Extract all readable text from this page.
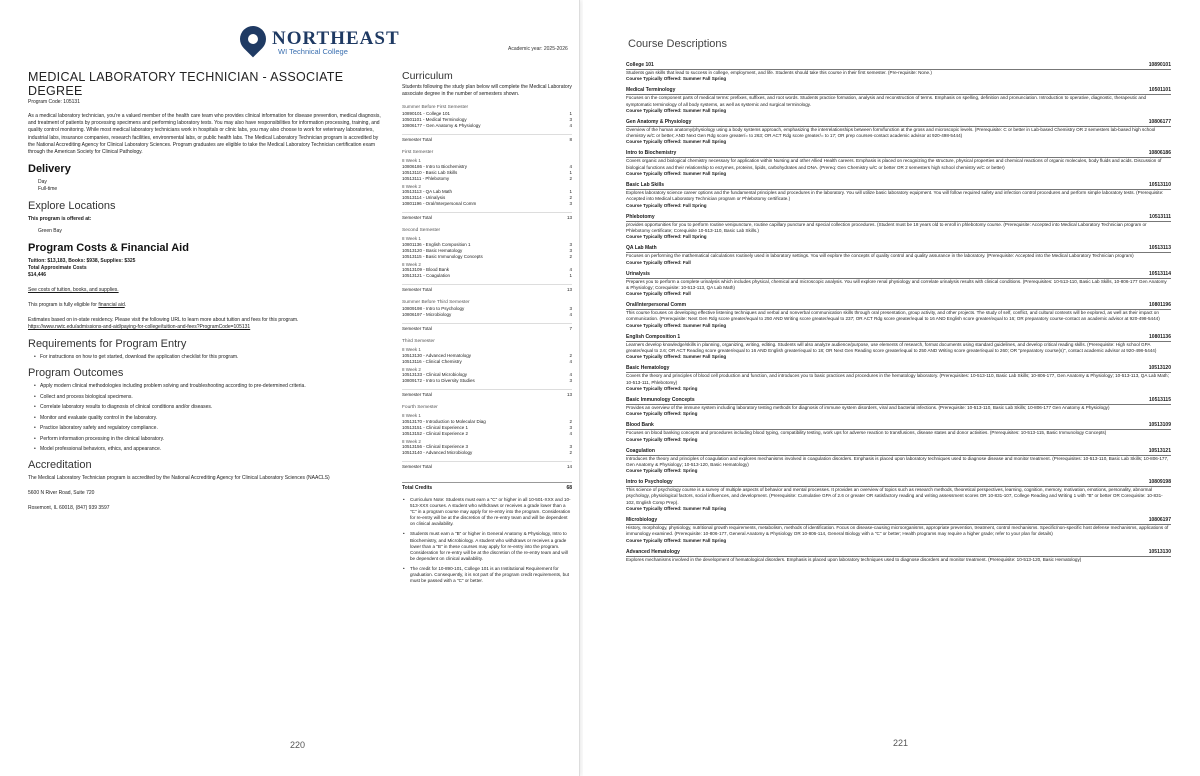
NORTHEAST
WI Technical College	Academic year: 2025-2026
MEDICAL LABORATORY TECHNICIAN - ASSOCIATE DEGREE
Program Code: 105131

As a medical laboratory technician, you're a valued member of the health care team who provides clinical information for disease prevention, medical diagnosis, and treatment of patients by processing specimens and performing laboratory tests. You may also have responsibilities for information processing, training, and quality control monitoring. While most medical laboratory technicians work in hospitals or clinic labs, you may also choose to work for veterinary laboratories, industrial labs, insurance companies, research facilities, environmental labs, or public health labs. The Medical Laboratory Technician program is accredited by the National Accrediting Agency for Clinical Laboratory Sciences. Program graduates are eligible to take the Medical Laboratory Technician certification exam through the American Society for Clinical Pathology.

Delivery
Day
Full-time
Explore Locations
This program is offered at:
Green Bay
Program Costs & Financial Aid
Tuition: $13,183, Books: $938, Supplies: $325
Total Approximate Costs
$14,446
See costs of tuition, books, and supplies.
This program is fully eligible for financial aid.
Estimates based on in-state residency. Please visit the following URL to learn more about tuition and fees for this program.
https://www.nwtc.edu/admissions-and-aid/paying-for-college/tuition-and-fees?ProgramCode=105131
Requirements for Program Entry
• For instructions on how to get started, download the application checklist for this program.
Program Outcomes
• Apply modern clinical methodologies including problem solving and troubleshooting according to pre-determined criteria.
• Collect and process biological specimens.
• Correlate laboratory results to diagnosis of clinical conditions and/or diseases.
• Monitor and evaluate quality control in the laboratory.
• Practice laboratory safety and regulatory compliance.
• Perform information processing in the clinical laboratory.
• Model professional behaviors, ethics, and appearance.
Accreditation
The Medical Laboratory Technician program is accredited by the National Accrediting Agency for Clinical Laboratory Sciences (NAACLS)
5600 N River Road, Suite 720
Rosemont, IL 60018, (847) 939 3597
Curriculum
Students following the study plan below will complete the Medical Laboratory associate degree in the number of semesters shown.
Summer Before First Semester
10890101 - College 101	1
10501101 - Medical Terminology	3
10806177 - Gen Anatomy & Physiology	4
Semester Total	8
First Semester
8 Week 1
10806186 - Intro to Biochemistry	4
10513110 - Basic Lab Skills	1
10513111 - Phlebotomy	2
8 Week 2
10513113 - QA Lab Math	1
10513114 - Urinalysis	2
10801196 - Oral/Interpersonal Comm	3
Semester Total	13
Second Semester
8 Week 1
10801136 - English Composition 1	3
10513120 - Basic Hematology	3
10513115 - Basic Immunology Concepts	2
8 Week 2
10513109 - Blood Bank	4
10513121 - Coagulation	1
Semester Total	13
Summer Before Third Semester
10809198 - Intro to Psychology	3
10806197 - Microbiology	4
Semester Total	7
Third Semester
8 Week 1
10513130 - Advanced Hematology	2
10513116 - Clinical Chemistry	4
8 Week 2
10513133 - Clinical Microbiology	4
10809172 - Intro to Diversity Studies	3
Semester Total	13
Fourth Semester
8 Week 1
10513170 - Introduction to Molecular Diag	2
10513151 - Clinical Experience 1	3
10513152 - Clinical Experience 2	4
8 Week 2
10513156 - Clinical Experience 3	3
10513140 - Advanced Microbiology	2
Semester Total	14
Total Credits	68
• Curriculum Note: Students must earn a "C" or higher in all 10-501-XXX and 10-513-XXX courses. A student who withdraws or receives a grade lower than a "C" in a program course may apply for re-entry into the program. Consideration for re-entry will be at the discretion of the re-entry team and will be dependent on clinical availability.
• Students must earn a "B" or higher in General Anatomy & Physiology, Intro to Biochemistry, and Microbiology. A student who withdraws or receives a grade lower than a "B" in these courses may apply for re-entry into the program. Consideration for re-entry will be at the discretion of the re-entry team and will be dependent on clinical availability.
• The credit for 10-890-101, College 101 is an Institutional Requirement for graduation. Consequently, it is not part of the program credit requirements, but must be passed with a "C" or better.
220
Course Descriptions
College 101	10890101
Students gain skills that lead to success in college, employment, and life. Students should take this course in their first semester. (Pre-requisite: None.)
Course Typically Offered: Summer Fall Spring
Medical Terminology	10501101
Focuses on the component parts of medical terms: prefixes, suffixes, and root words. Students practice formation, analysis and reconstruction of terms. Emphasis on spelling, definition and pronunciation. Introduction to operative, diagnostic, therapeutic and symptomatic terminology of all body systems, as well as systemic and surgical terminology.
Course Typically Offered: Summer Fall Spring
Gen Anatomy & Physiology	10806177
Overview of the human anatomy/physiology using a body systems approach, emphasizing the interrelationships between form/function at the gross and microscopic levels. (Prerequisite: C or better in Lab-based Chemistry OR 2 semesters lab-based high school chemistry w/C or better; AND Next Gen Rdg score greater/= to 263; OR ACT Rdg score greater/= to 17; OR prep courses-contact academic advisor at 920-498-5444)
Course Typically Offered: Summer Fall Spring
Intro to Biochemistry	10806186
Covers organic and biological chemistry necessary for application within Nursing and other Allied Health careers. Emphasis is placed on recognizing the structure, physical properties and chemical reactions of organic molecules, body fluids and acids. Discussion of biological functions and their relationship to enzymes, proteins, lipids, carbohydrates and DNA. (Prereq: Gen Chemistry w/C or better OR 2 semesters high school chemistry w/C or better)
Course Typically Offered: Summer Fall Spring
Basic Lab Skills	10513110
Explores laboratory science career options and the fundamental principles and procedures in the laboratory. You will utilize basic laboratory equipment. You will follow required safety and infection control procedures and perform simple laboratory tests. (Prerequisite: Accepted into Medical Laboratory Technician program or Phlebotomy certificate.)
Course Typically Offered: Fall Spring
Phlebotomy	10513111
provides opportunities for you to perform routine venipuncture, routine capillary puncture and special collection procedures. (Student must be 18 years old to enroll in phlebotomy course. (Prerequisite: Accepted into Medical Laboratory Technician program or Phlebotomy certificate; Corequisite 10-513-110, Basic Lab Skills.)
Course Typically Offered: Fall Spring
QA Lab Math	10513113
Focuses on performing the mathematical calculations routinely used in laboratory settings. You will explore the concepts of quality control and quality assurance in the laboratory. (Prerequisite: Accepted into the Medical Laboratory Technician program)
Course Typically Offered: Fall
Urinalysis	10513114
Prepares you to perform a complete urinalysis which includes physical, chemical and microscopic analysis. You will explore renal physiology and correlate urinalysis results with clinical conditions. (Prerequisites: 10-513-110, Basic Lab Skills, 10-806-177 Gen Anatomy & Physiology; Corequisite: 10-513-113, QA Lab Math)
Course Typically Offered: Fall
Oral/Interpersonal Comm	10801196
This course focuses on developing effective listening techniques and verbal and nonverbal communication skills through oral presentation, group activity, and other projects. The study of self, conflict, and cultural contexts will be explored, as well as their impact on communication. (Prerequisite: Next Gen Rdg score greater/equal to 250 AND Writing score greater/equal to 237; OR ACT Rdg score greater/equal to 16 AND English score greater/equal to 16; OR preparatory course-contact an academic advisor at 920-498-5444)
Course Typically Offered: Summer Fall Spring
English Composition 1	10801136
Learners develop knowledge/skills in planning, organizing, writing, editing. Students will also analyze audience/purpose, use elements of research, format documents using standard guidelines, and develop critical reading skills. (Prerequisite: High school GPA greater/equal to 2.6; OR ACT Reading score greater/equal to 16 AND English greater/equal to 18; OR Next Gen Reading score greater/equal to 250 AND Writing score greater/equal to 260; OR "preparatory course(s)", contact academic advisor at 920-498-5444)
Course Typically Offered: Summer Fall Spring
Basic Hematology	10513120
Covers the theory and principles of blood cell production and function, and introduces you to basic practices and procedures in the hematology laboratory. (Prerequisites: 10-513-110, Basic Lab Skills; 10-806-177, Gen Anatomy & Physiology; 10-513-113, QA Lab Math; 10-513-111, Phlebotomy)
Course Typically Offered: Spring
Basic Immunology Concepts	10513115
Provides an overview of the immune system including laboratory testing methods for diagnosis of immune system disorders, viral and bacterial infections. (Prerequisite: 10-513-110, Basic Lab Skills; 10-806-177 Gen Anatomy & Physiology)
Course Typically Offered: Spring
Blood Bank	10513109
Focuses on blood banking concepts and procedures including blood typing, compatibility testing, work ups for adverse reaction to transfusions, disease states and donor activities. (Prerequisites: 10-513-115, Basic Immunology Concepts)
Course Typically Offered: Spring
Coagulation	10513121
Introduces the theory and principles of coagulation and explores mechanisms involved in coagulation disorders. Emphasis is placed upon laboratory techniques used to diagnose disease and monitor treatment. (Prerequisites: 10-513-110, Basic Lab Skills; 10-806-177, Gen Anatomy & Physiology; 10-513-120, Basic Hematology)
Course Typically Offered: Spring
Intro to Psychology	10809198
This science of psychology course is a survey of multiple aspects of behavior and mental processes. It provides an overview of topics such as research methods, theoretical perspectives, learning, cognition, memory, motivation, emotions, personality, abnormal psychology, physiological factors, social influences, and development. (Prerequisite: Cumulative GPA of 2.6 or greater OR satisfactory reading and writing assessment scores OR 10-831-107, College Reading and Writing 1 with "B" or better OR Corequisite: 10-831-102, English Comp Prep).
Course Typically Offered: Summer Fall Spring
Microbiology	10806197
History, morphology, physiology, nutritional growth requirements, metabolism, methods of identification. Focus on disease-causing microorganisms, appropriate prevention, treatment, control mechanisms. Specific/non-specific host defense mechanisms, applications of immunology examined. (Prerequisite: 10-806-177, General Anatomy & Physiology OR 10-806-114, General Biology with a "C" or better; Health programs may require a higher grade; refer to your plan for details)
Course Typically Offered: Summer Fall Spring
Advanced Hematology	10513130
Explores mechanisms involved in the development of hematological disorders. Emphasis is placed upon laboratory techniques used to diagnose disorders and monitor treatment. (Prerequisite: 10-513-120, Basic Hematology)
221
